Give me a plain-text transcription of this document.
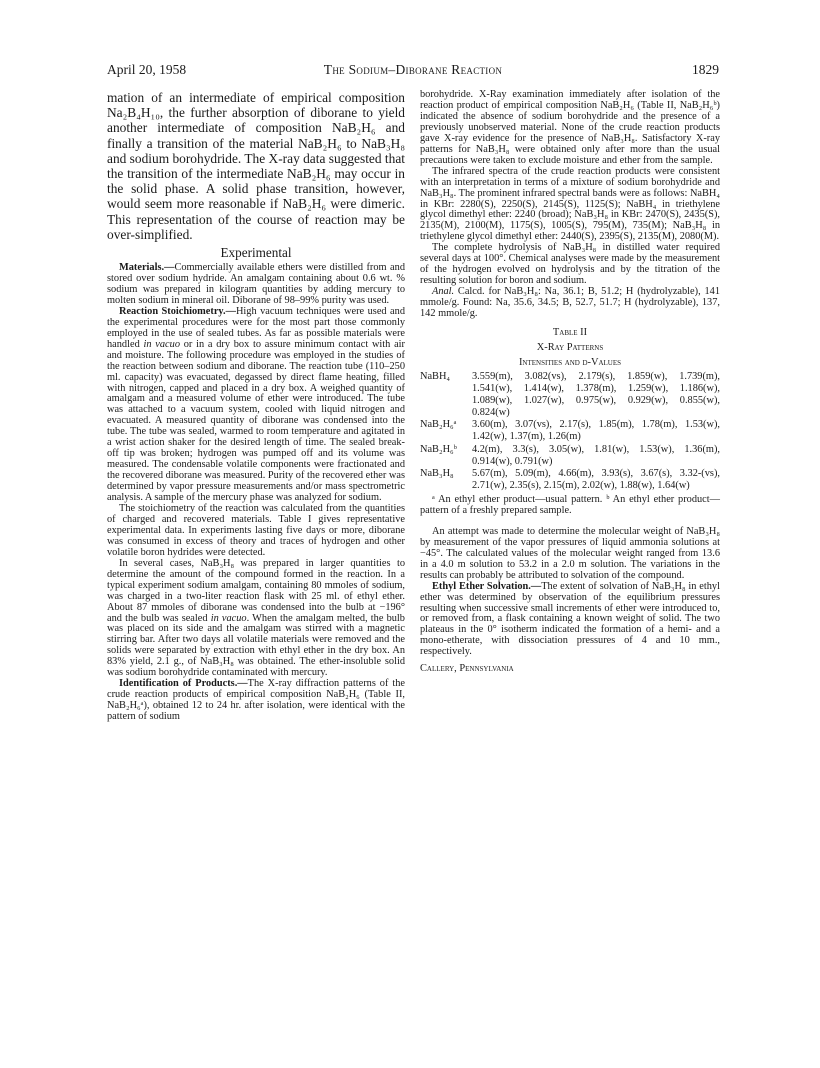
April 20, 1958	The Sodium–Diborane Reaction	1829

mation of an intermediate of empirical composition Na₂B₄H₁₀, the further absorption of diborane to yield another intermediate of composition NaB₂H₆ and finally a transition of the material NaB₂H₆ to NaB₃H₈ and sodium borohydride. The X-ray data suggested that the transition of the intermediate NaB₂H₆ may occur in the solid phase. A solid phase transition, however, would seem more reasonable if NaB₂H₆ were dimeric. This representation of the course of reaction may be over-simplified.

Experimental

Materials.—Commercially available ethers were distilled from and stored over sodium hydride. An amalgam containing about 0.6 wt. % sodium was prepared in kilogram quantities by adding mercury to molten sodium in mineral oil. Diborane of 98–99% purity was used.

Reaction Stoichiometry.—High vacuum techniques were used and the experimental procedures were for the most part those commonly employed in the use of sealed tubes. As far as possible materials were handled in vacuo or in a dry box to assure minimum contact with air and moisture. The following procedure was employed in the studies of the reaction between sodium and diborane. The reaction tube (110–250 ml. capacity) was evacuated, degassed by direct flame heating, filled with nitrogen, capped and placed in a dry box. A weighed quantity of amalgam and a measured volume of ether were introduced. The tube was attached to a vacuum system, cooled with liquid nitrogen and evacuated. A measured quantity of diborane was condensed into the tube. The tube was sealed, warmed to room temperature and agitated in a wrist action shaker for the desired length of time. The sealed break-off tip was broken; hydrogen was pumped off and its volume was measured. The condensable volatile components were fractionated and the recovered diborane was measured. Purity of the recovered ether was determined by vapor pressure measurements and/or mass spectrometric analysis. A sample of the mercury phase was analyzed for sodium.

The stoichiometry of the reaction was calculated from the quantities of charged and recovered materials. Table I gives representative experimental data. In experiments lasting five days or more, diborane was consumed in excess of theory and traces of hydrogen and other volatile boron hydrides were detected.

In several cases, NaB₃H₈ was prepared in larger quantities to determine the amount of the compound formed in the reaction. In a typical experiment sodium amalgam, containing 80 mmoles of sodium, was charged in a two-liter reaction flask with 25 ml. of ethyl ether. About 87 mmoles of diborane was condensed into the bulb at −196° and the bulb was sealed in vacuo. When the amalgam melted, the bulb was placed on its side and the amalgam was stirred with a magnetic stirring bar. After two days all volatile materials were removed and the solids were separated by extraction with ethyl ether in the dry box. An 83% yield, 2.1 g., of NaB₃H₈ was obtained. The ether-insoluble solid was sodium borohydride contaminated with mercury.

Identification of Products.—The X-ray diffraction patterns of the crude reaction products of empirical composition NaB₂H₆ (Table II, NaB₂H₆ᵃ), obtained 12 to 24 hr. after isolation, were identical with the pattern of sodium

borohydride. X-Ray examination immediately after isolation of the reaction product of empirical composition NaB₂H₆ (Table II, NaB₂H₆ᵇ) indicated the absence of sodium borohydride and the presence of a previously unobserved material. None of the crude reaction products gave X-ray evidence for the presence of NaB₃H₈. Satisfactory X-ray patterns for NaB₃H₈ were obtained only after more than the usual precautions were taken to exclude moisture and ether from the sample.

The infrared spectra of the crude reaction products were consistent with an interpretation in terms of a mixture of sodium borohydride and NaB₃H₈. The prominent infrared spectral bands were as follows: NaBH₄ in KBr: 2280(S), 2250(S), 2145(S), 1125(S); NaBH₄ in triethylene glycol dimethyl ether: 2240 (broad); NaB₃H₈ in KBr: 2470(S), 2435(S), 2135(M), 2100(M), 1175(S), 1005(S), 795(M), 735(M); NaB₃H₈ in triethylene glycol dimethyl ether: 2440(S), 2395(S), 2135(M), 2080(M).

The complete hydrolysis of NaB₃H₈ in distilled water required several days at 100°. Chemical analyses were made by the measurement of the hydrogen evolved on hydrolysis and by the titration of the resulting solution for boron and sodium.

Anal. Calcd. for NaB₃H₈: Na, 36.1; B, 51.2; H (hydrolyzable), 141 mmole/g. Found: Na, 35.6, 34.5; B, 52.7, 51.7; H (hydrolyzable), 137, 142 mmole/g.

Table II
X-Ray Patterns
Intensities and d-Values
NaBH₄	3.559(m), 3.082(vs), 2.179(s), 1.859(w), 1.739(m), 1.541(w), 1.414(w), 1.378(m), 1.259(w), 1.186(w), 1.089(w), 1.027(w), 0.975(w), 0.929(w), 0.855(w), 0.824(w)
NaB₂H₆ᵃ	3.60(m), 3.07(vs), 2.17(s), 1.85(m), 1.78(m), 1.53(w), 1.42(w), 1.37(m), 1.26(m)
NaB₂H₆ᵇ	4.2(m), 3.3(s), 3.05(w), 1.81(w), 1.53(w), 1.36(m), 0.914(w), 0.791(w)
NaB₃H₈	5.67(m), 5.09(m), 4.66(m), 3.93(s), 3.67(s), 3.32-(vs), 2.71(w), 2.35(s), 2.15(m), 2.02(w), 1.88(w), 1.64(w)

ᵃ An ethyl ether product—usual pattern. ᵇ An ethyl ether product—pattern of a freshly prepared sample.

An attempt was made to determine the molecular weight of NaB₃H₈ by measurement of the vapor pressures of liquid ammonia solutions at −45°. The calculated values of the molecular weight ranged from 13.6 in a 4.0 m solution to 53.2 in a 2.0 m solution. The variations in the results can probably be attributed to solvation of the compound.

Ethyl Ether Solvation.—The extent of solvation of NaB₃H₈ in ethyl ether was determined by observation of the equilibrium pressures resulting when successive small increments of ether were introduced to, or removed from, a flask containing a known weight of solid. The two plateaus in the 0° isotherm indicated the formation of a hemi- and a mono-etherate, with dissociation pressures of 4 and 10 mm., respectively.

Callery, Pennsylvania
